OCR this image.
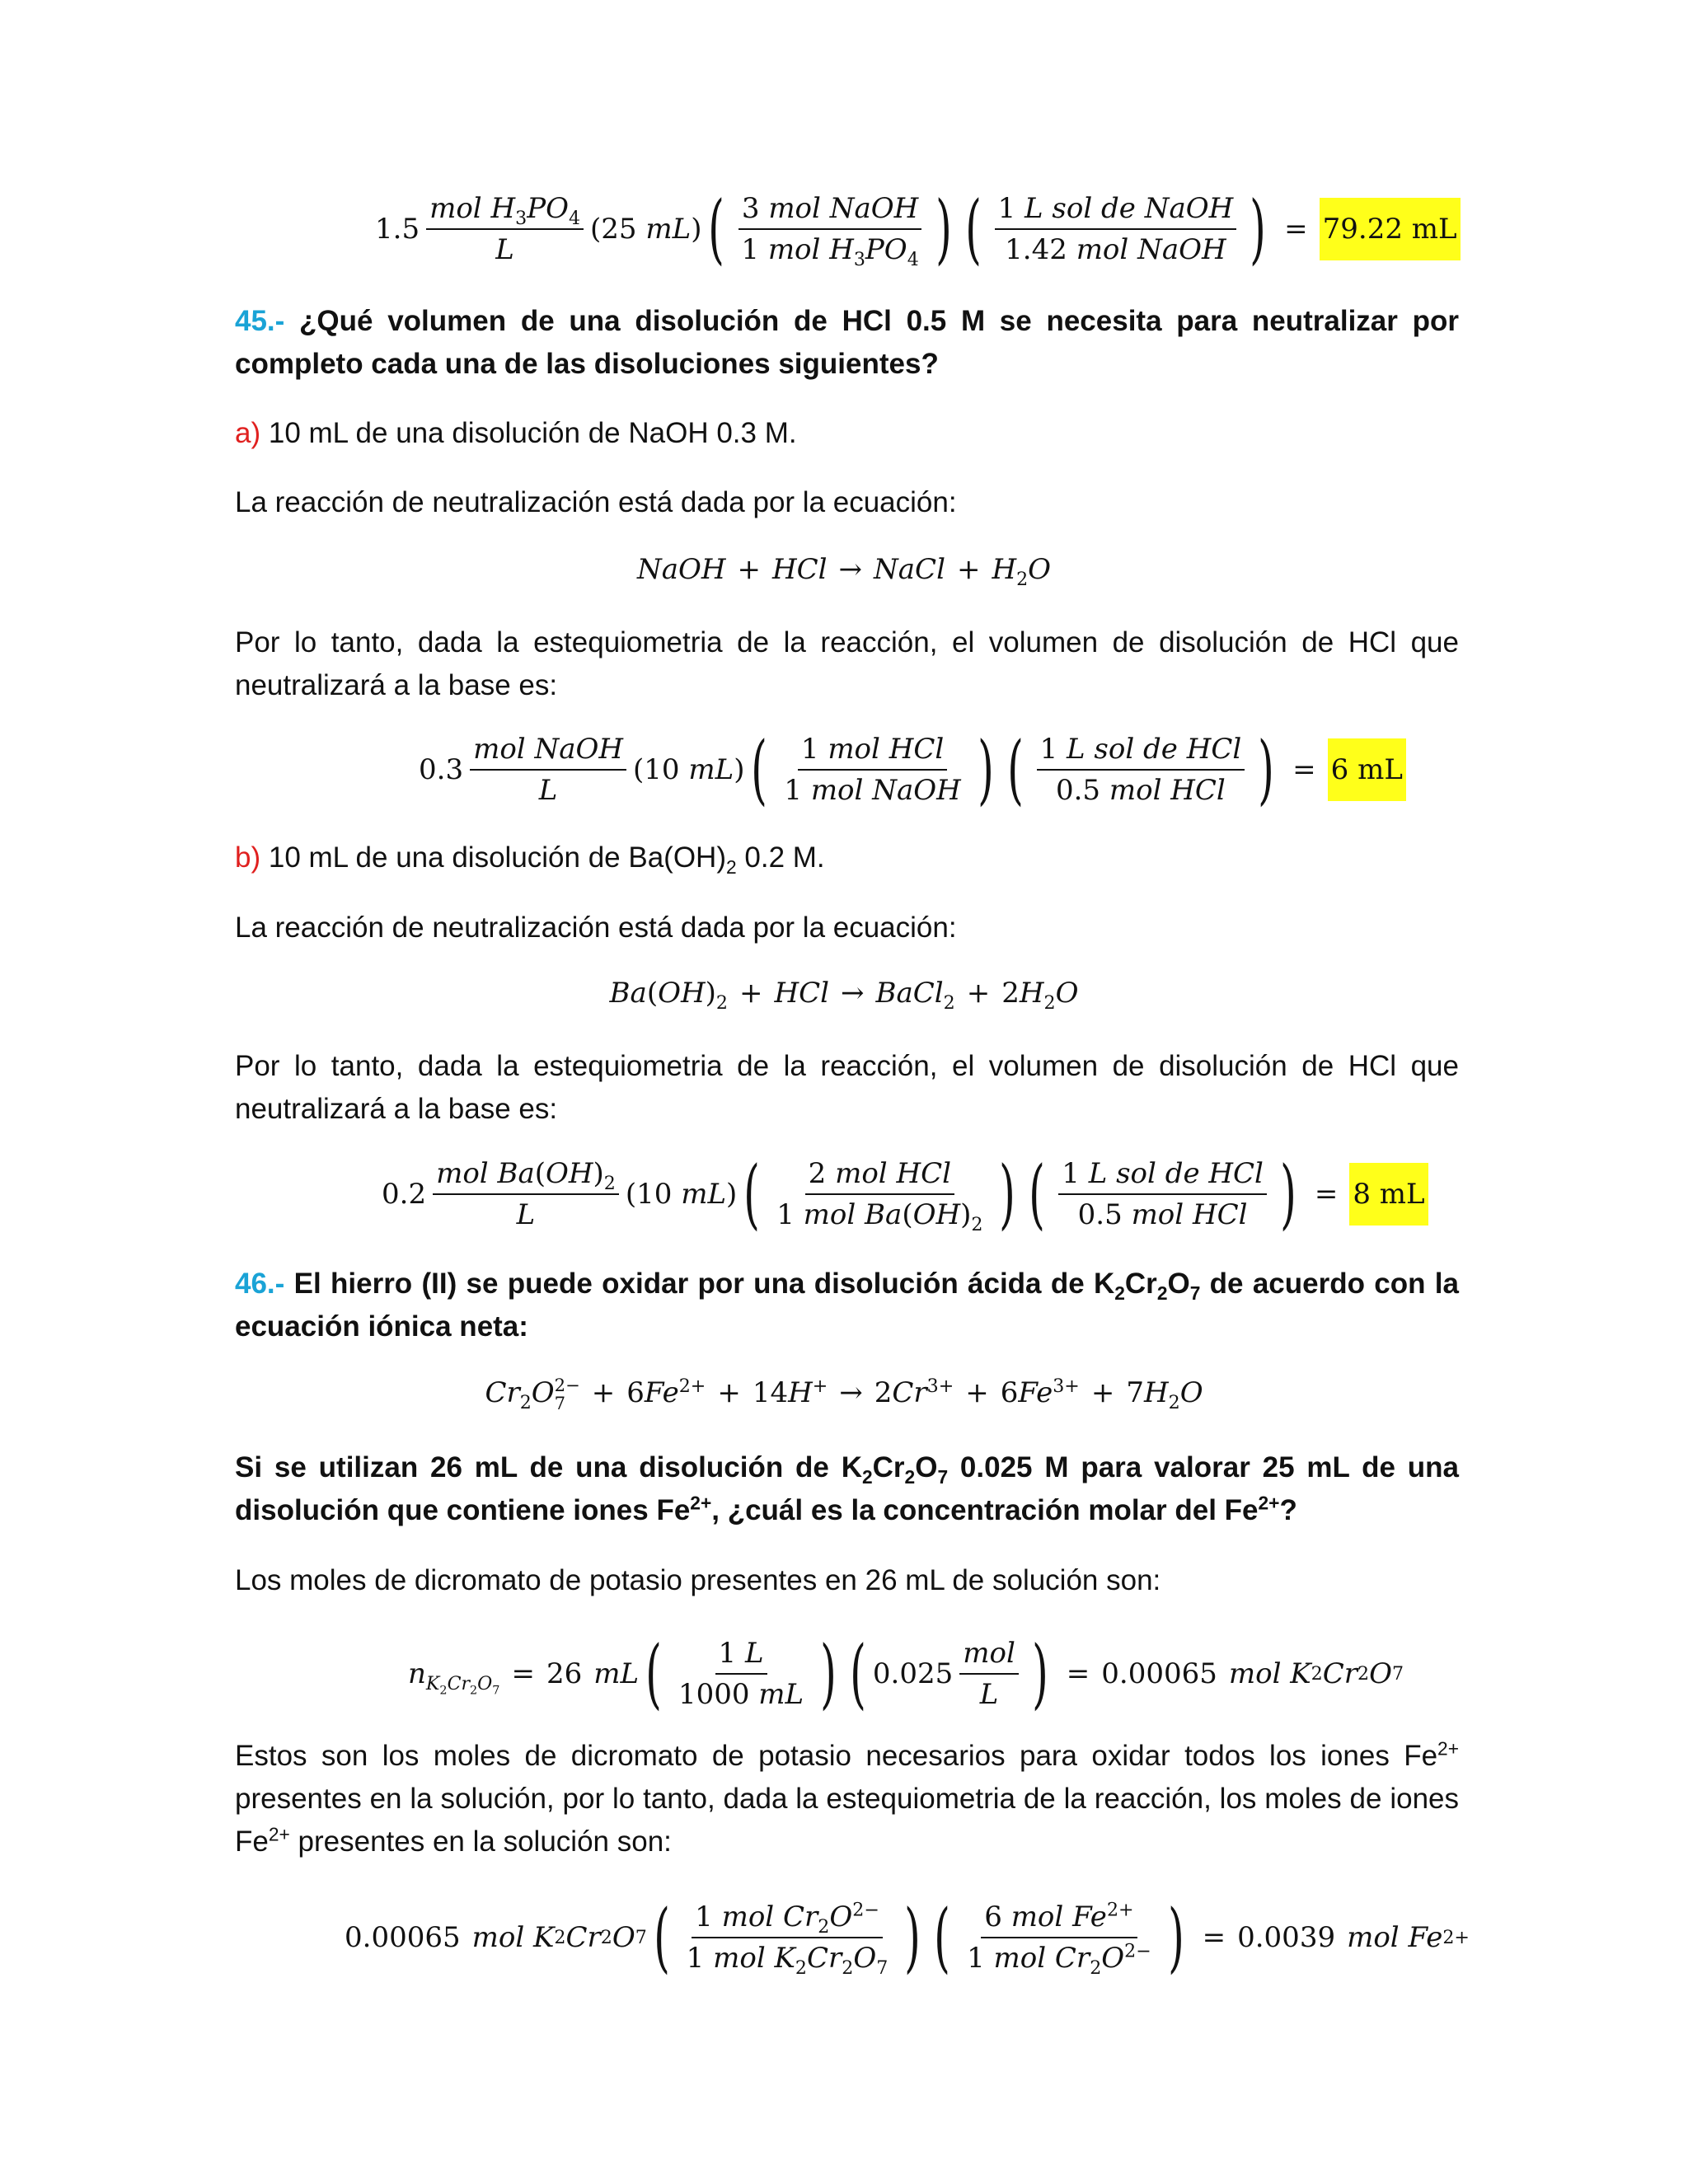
$1.5 \frac{mol H_3PO_4}{L} (25$ mL) ( $\frac{\text{3 mol NaOH}}{1 mol H_3PO_4}$ ) ( $\frac{\text{1 L sol de NaOH}}{\text{1.42 mol NaOH}}$ ) = 79.22 mL

45.- ¿Qué volumen de una disolución de HCl 0.5 M se necesita para neutralizar por completo cada una de las disoluciones siguientes?

a) 10 mL de una disolución de NaOH 0.3 M.

La reacción de neutralización está dada por la ecuación:

NaOH + HCl → NaCl + $H_2O$

Por lo tanto, dada la estequiometria de la reacción, el volumen de disolución de HCl que neutralizará a la base es:

$0.3 \frac{\text{mol NaOH}}{L} (10$ mL) ( $\frac{\text{1 mol HCl}}{\text{1 mol NaOH}}$ ) ( $\frac{\text{1 L sol de HCl}}{\text{0.5 mol HCl}}$ ) = 6 mL

b) 10 mL de una disolución de $Ba(OH)_2$ 0.2 M.

La reacción de neutralización está dada por la ecuación:

$Ba(OH)_2$ + HCl → BaCl$_2$ + $2H_2O$

Por lo tanto, dada la estequiometria de la reacción, el volumen de disolución de HCl que neutralizará a la base es:

$0.2 \frac{mol Ba(OH)_2}{L} (10$ mL) ( $\frac{\text{2 mol HCl}}{1 mol Ba(OH)_2}$ ) ( $\frac{\text{1 L sol de HCl}}{\text{0.5 mol HCl}}$ ) = 8 mL

46.- El hierro (II) se puede oxidar por una disolución ácida de $K_2Cr_2O_7$ de acuerdo con la ecuación iónica neta:

$Cr_2O$ 2−
$7 + 6Fe^{2+} + 14H^+ \to 2Cr^{3+} + 6Fe^{3+} + 7H_2O$

Si se utilizan 26 mL de una disolución de $K_2Cr_2O_7$ 0.025 M para valorar 25 mL de una disolución que contiene iones $Fe^{2+}$, ¿cuál es la concentración molar del $Fe^{2+}$?

Los moles de dicromato de potasio presentes en 26 mL de solución son:

$n_{K_2Cr_2O_7}$
= 26 mL ( $\frac{1 L}{1000 mL}$ ) ( $0.025 \frac{\text{mol}}{L}$ ) = 0.00065 mol K 2 Cr 2 O 7

Estos son los moles de dicromato de potasio necesarios para oxidar todos los iones $Fe^{2+}$ presentes en la solución, por lo tanto, dada la estequiometria de la reacción, los moles de iones $Fe^{2+}$ presentes en la solución son:

0.00065 mol K 2 Cr 2 O 7 ( $\frac{1 mol Cr_2O^{2-}}{1 mol K_2Cr_2O_7}$ ) ( $\frac{6 mol Fe^{2+}}{1 mol Cr_2O^{2-}}$ ) = 0.0039 mol Fe 2+
